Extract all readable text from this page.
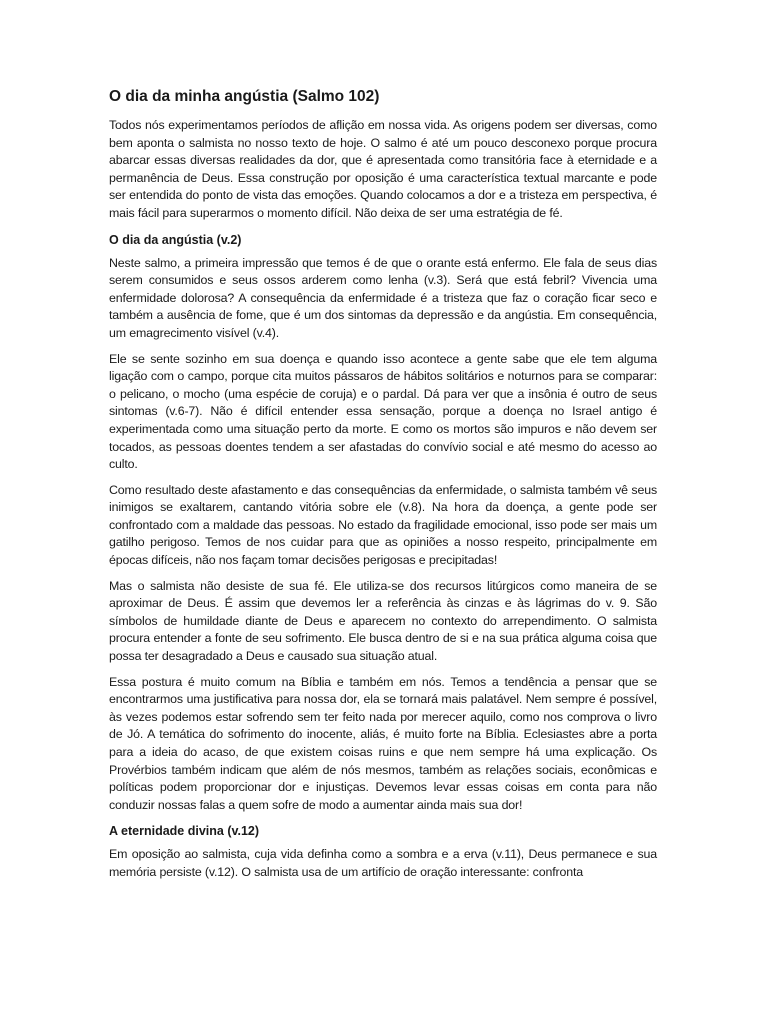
O dia da minha angústia (Salmo 102)

Todos nós experimentamos períodos de aflição em nossa vida. As origens podem ser diversas, como bem aponta o salmista no nosso texto de hoje. O salmo é até um pouco desconexo porque procura abarcar essas diversas realidades da dor, que é apresentada como transitória face à eternidade e a permanência de Deus. Essa construção por oposição é uma característica textual marcante e pode ser entendida do ponto de vista das emoções. Quando colocamos a dor e a tristeza em perspectiva, é mais fácil para superarmos o momento difícil. Não deixa de ser uma estratégia de fé.

O dia da angústia (v.2)

Neste salmo, a primeira impressão que temos é de que o orante está enfermo. Ele fala de seus dias serem consumidos e seus ossos arderem como lenha (v.3). Será que está febril? Vivencia uma enfermidade dolorosa? A consequência da enfermidade é a tristeza que faz o coração ficar seco e também a ausência de fome, que é um dos sintomas da depressão e da angústia. Em consequência, um emagrecimento visível (v.4).

Ele se sente sozinho em sua doença e quando isso acontece a gente sabe que ele tem alguma ligação com o campo, porque cita muitos pássaros de hábitos solitários e noturnos para se comparar: o pelicano, o mocho (uma espécie de coruja) e o pardal. Dá para ver que a insônia é outro de seus sintomas (v.6-7). Não é difícil entender essa sensação, porque a doença no Israel antigo é experimentada como uma situação perto da morte. E como os mortos são impuros e não devem ser tocados, as pessoas doentes tendem a ser afastadas do convívio social e até mesmo do acesso ao culto.

Como resultado deste afastamento e das consequências da enfermidade, o salmista também vê seus inimigos se exaltarem, cantando vitória sobre ele (v.8). Na hora da doença, a gente pode ser confrontado com a maldade das pessoas. No estado da fragilidade emocional, isso pode ser mais um gatilho perigoso. Temos de nos cuidar para que as opiniões a nosso respeito, principalmente em épocas difíceis, não nos façam tomar decisões perigosas e precipitadas!

Mas o salmista não desiste de sua fé. Ele utiliza-se dos recursos litúrgicos como maneira de se aproximar de Deus. É assim que devemos ler a referência às cinzas e às lágrimas do v. 9. São símbolos de humildade diante de Deus e aparecem no contexto do arrependimento. O salmista procura entender a fonte de seu sofrimento. Ele busca dentro de si e na sua prática alguma coisa que possa ter desagradado a Deus e causado sua situação atual.

Essa postura é muito comum na Bíblia e também em nós. Temos a tendência a pensar que se encontrarmos uma justificativa para nossa dor, ela se tornará mais palatável. Nem sempre é possível, às vezes podemos estar sofrendo sem ter feito nada por merecer aquilo, como nos comprova o livro de Jó. A temática do sofrimento do inocente, aliás, é muito forte na Bíblia. Eclesiastes abre a porta para a ideia do acaso, de que existem coisas ruins e que nem sempre há uma explicação. Os Provérbios também indicam que além de nós mesmos, também as relações sociais, econômicas e políticas podem proporcionar dor e injustiças. Devemos levar essas coisas em conta para não conduzir nossas falas a quem sofre de modo a aumentar ainda mais sua dor!

A eternidade divina (v.12)

Em oposição ao salmista, cuja vida definha como a sombra e a erva (v.11), Deus permanece e sua memória persiste (v.12). O salmista usa de um artifício de oração interessante: confronta
